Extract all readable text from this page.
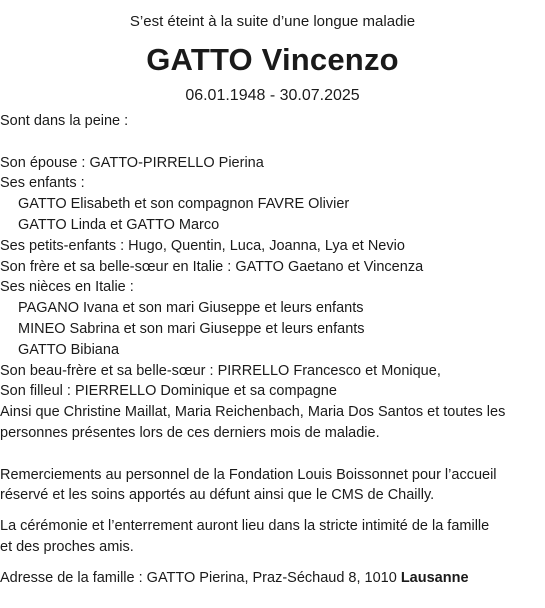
S’est éteint à la suite d’une longue maladie
GATTO Vincenzo
06.01.1948 - 30.07.2025
Sont dans la peine :
Son épouse : GATTO-PIRRELLO Pierina
Ses enfants :
GATTO Elisabeth et son compagnon FAVRE Olivier
GATTO Linda et GATTO Marco
Ses petits-enfants : Hugo, Quentin, Luca, Joanna, Lya et Nevio
Son frère et sa belle-sœur en Italie : GATTO Gaetano et Vincenza
Ses nièces en Italie :
PAGANO Ivana et son mari Giuseppe et leurs enfants
MINEO Sabrina et son mari Giuseppe et leurs enfants
GATTO Bibiana
Son beau-frère et sa belle-sœur : PIRRELLO Francesco et Monique,
Son filleul : PIERRELLO Dominique et sa compagne
Ainsi que Christine Maillat, Maria Reichenbach, Maria Dos Santos et toutes les
personnes présentes lors de ces derniers mois de maladie.
Remerciements au personnel de la Fondation Louis Boissonnet pour l’accueil
réservé et les soins apportés au défunt ainsi que le CMS de Chailly.
La cérémonie et l’enterrement auront lieu dans la stricte intimité de la famille
et des proches amis.
Adresse de la famille : GATTO Pierina, Praz-Séchaud 8, 1010 Lausanne
